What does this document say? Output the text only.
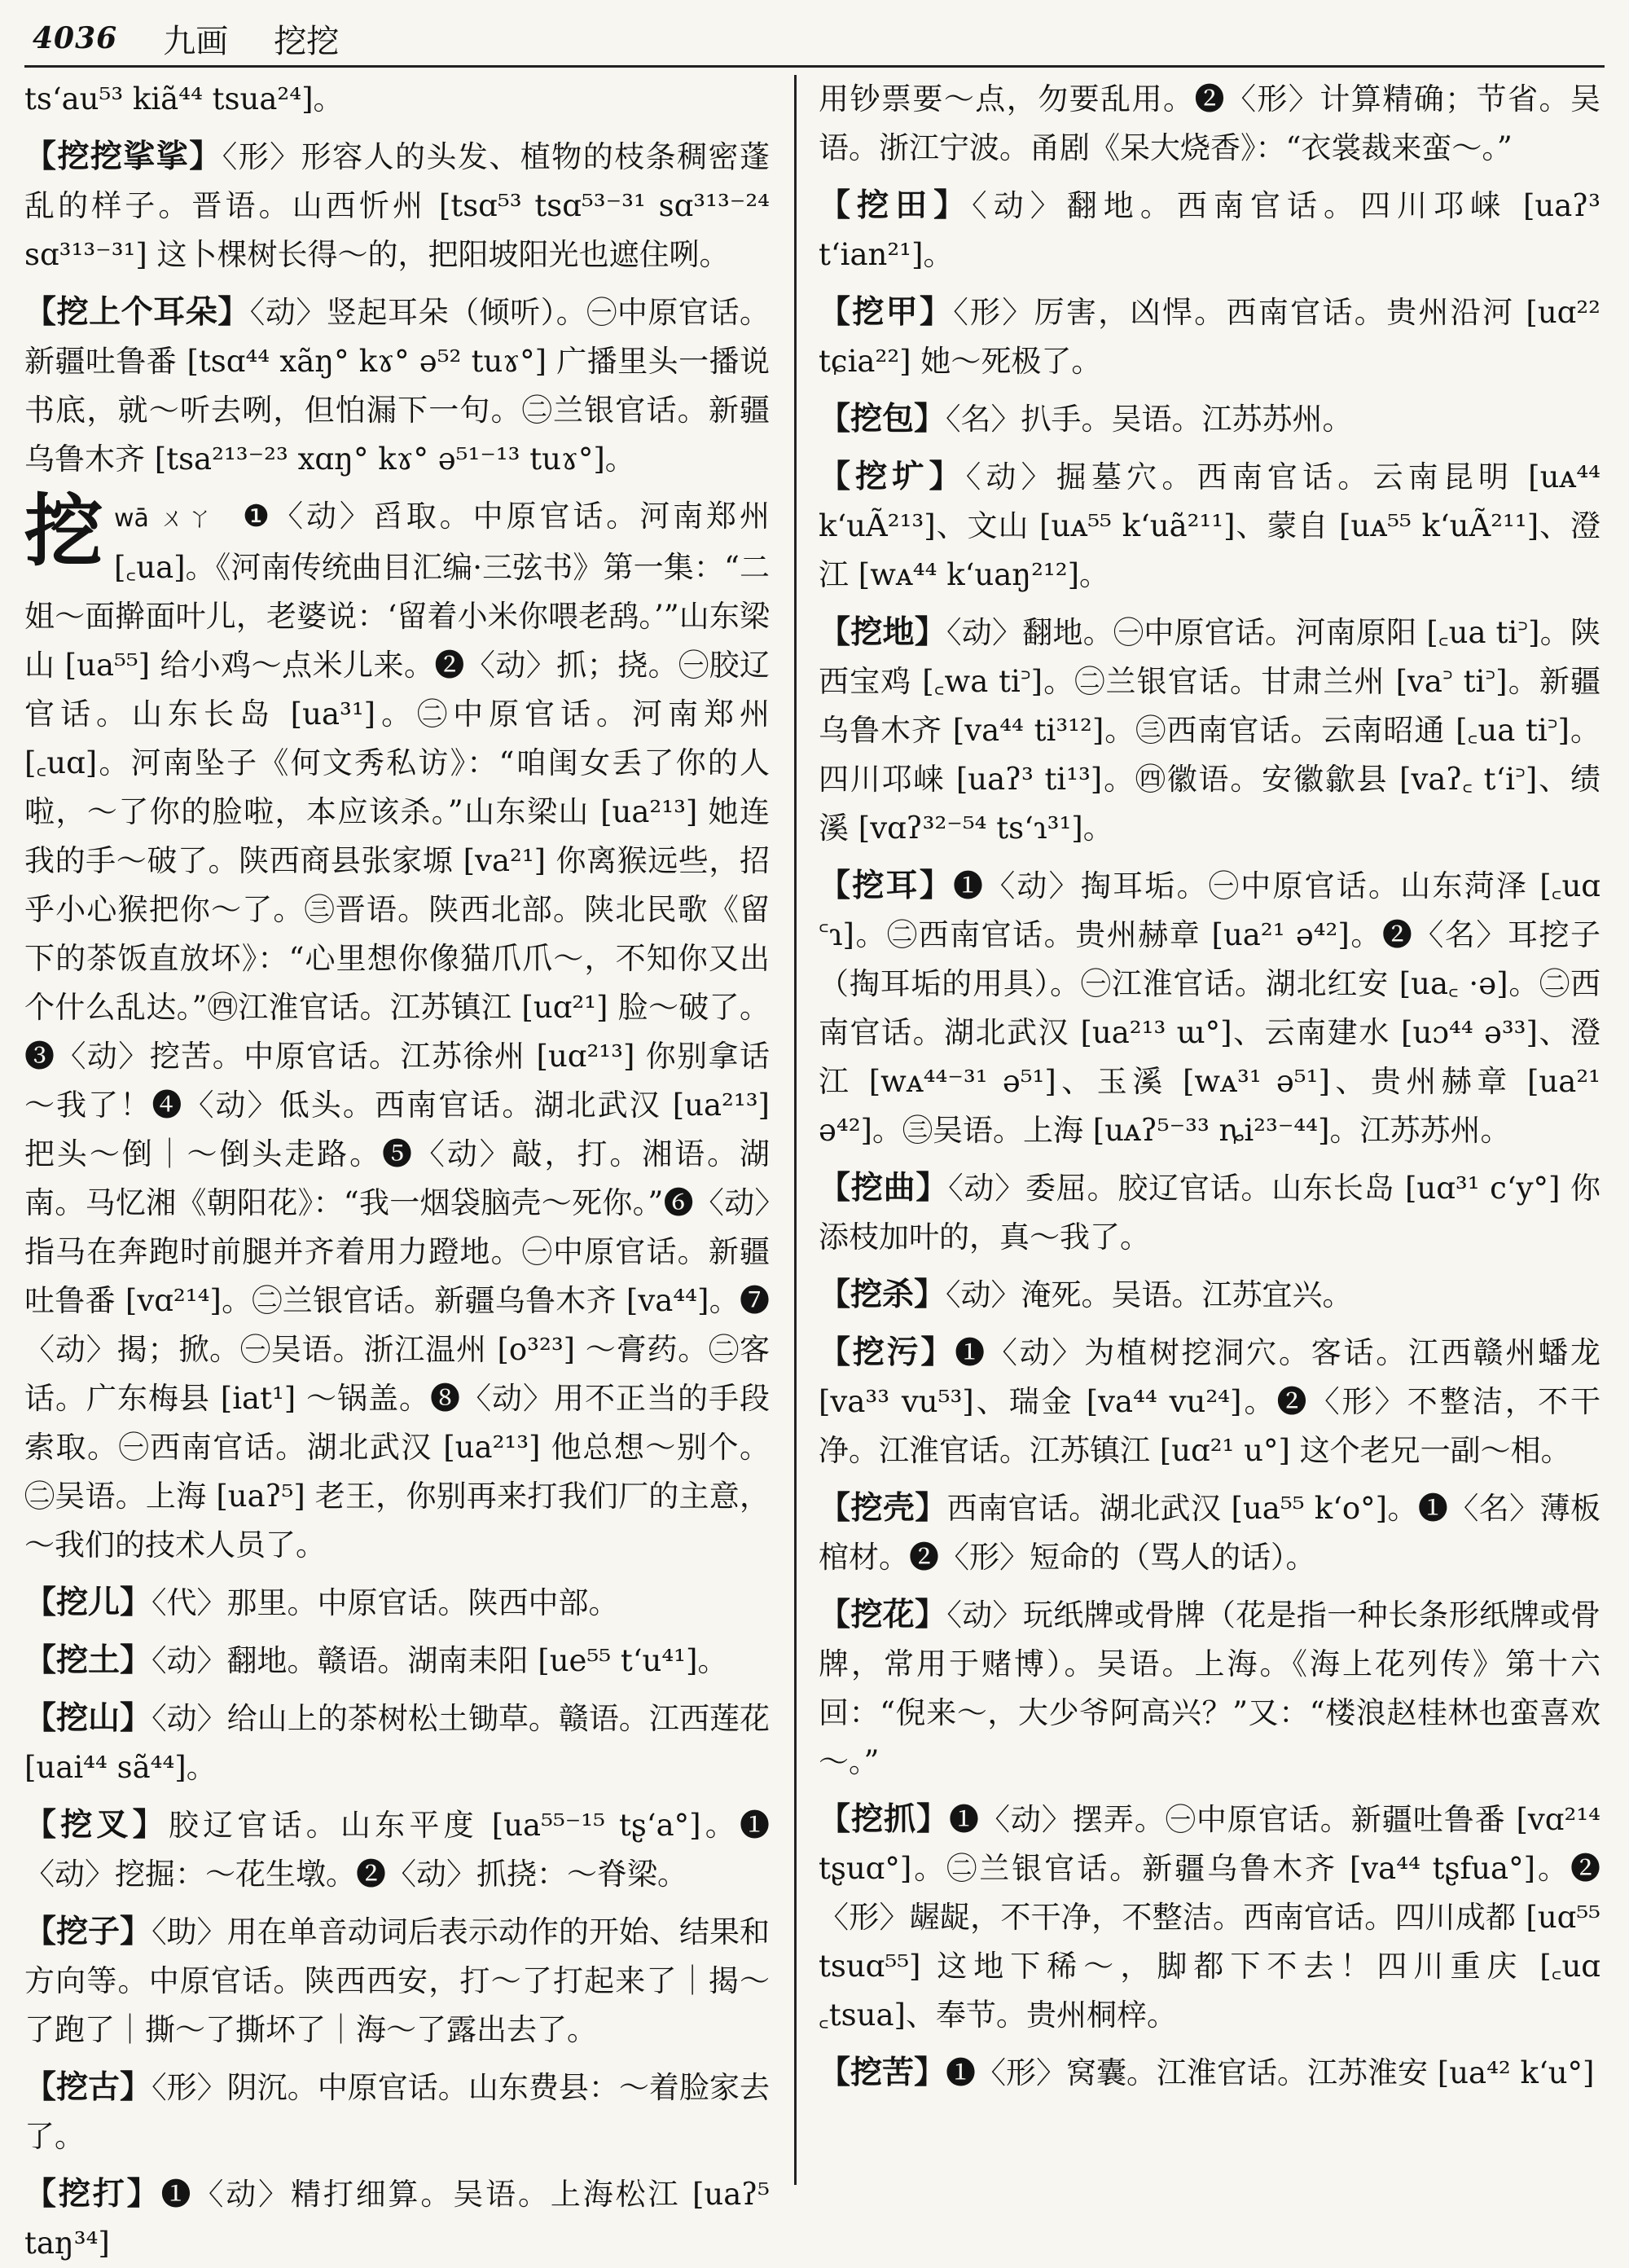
4036 九画 挖挖

ts‘au⁵³ kiã⁴⁴ tsua²⁴]。

【挖挖挲挲】〈形〉形容人的头发、植物的枝条稠密蓬乱的样子。晋语。山西忻州 [tsɑ⁵³ tsɑ⁵³⁻³¹ sɑ³¹³⁻²⁴ sɑ³¹³⁻³¹] 这卜棵树长得～的，把阳坡阳光也遮住咧。

【挖上个耳朵】〈动〉竖起耳朵（倾听）。㊀中原官话。新疆吐鲁番 [tsɑ⁴⁴ xãŋ° kɤ° ə⁵² tuɤ°] 广播里头一播说书底，就～听去咧，但怕漏下一句。㊁兰银官话。新疆乌鲁木齐 [tsa²¹³⁻²³ xɑŋ° kɤ° ə⁵¹⁻¹³ tuɤ°]。

挖 wā ㄨㄚ ❶〈动〉舀取。中原官话。河南郑州 [꜀ua]。《河南传统曲目汇编·三弦书》第一集：“二姐～面擀面叶儿，老婆说：‘留着小米你喂老鸹。’”山东梁山 [ua⁵⁵] 给小鸡～点米儿来。❷〈动〉抓；挠。㊀胶辽官话。山东长岛 [ua³¹]。㊁中原官话。河南郑州 [꜀uɑ]。河南坠子《何文秀私访》：“咱闺女丢了你的人啦，～了你的脸啦，本应该杀。”山东梁山 [ua²¹³] 她连我的手～破了。陕西商县张家塬 [va²¹] 你离猴远些，招乎小心猴把你～了。㊂晋语。陕西北部。陕北民歌《留下的茶饭直放坏》：“心里想你像猫爪爪～，不知你又出个什么乱达。”㊃江淮官话。江苏镇江 [uɑ²¹] 脸～破了。❸〈动〉挖苦。中原官话。江苏徐州 [uɑ²¹³] 你别拿话～我了！❹〈动〉低头。西南官话。湖北武汉 [ua²¹³] 把头～倒｜～倒头走路。❺〈动〉敲，打。湘语。湖南。马忆湘《朝阳花》：“我一烟袋脑壳～死你。”❻〈动〉指马在奔跑时前腿并齐着用力蹬地。㊀中原官话。新疆吐鲁番 [vɑ²¹⁴]。㊁兰银官话。新疆乌鲁木齐 [va⁴⁴]。❼〈动〉揭；掀。㊀吴语。浙江温州 [o³²³] ～膏药。㊁客话。广东梅县 [iat¹] ～锅盖。❽〈动〉用不正当的手段索取。㊀西南官话。湖北武汉 [ua²¹³] 他总想～别个。㊁吴语。上海 [uaʔ⁵] 老王，你别再来打我们厂的主意，～我们的技术人员了。

【挖儿】〈代〉那里。中原官话。陕西中部。

【挖土】〈动〉翻地。赣语。湖南耒阳 [ue⁵⁵ t‘u⁴¹]。

【挖山】〈动〉给山上的茶树松土锄草。赣语。江西莲花 [uai⁴⁴ sã⁴⁴]。

【挖叉】胶辽官话。山东平度 [ua⁵⁵⁻¹⁵ tʂ‘a°]。❶〈动〉挖掘：～花生墩。❷〈动〉抓挠：～脊梁。

【挖子】〈助〉用在单音动词后表示动作的开始、结果和方向等。中原官话。陕西西安，打～了打起来了｜揭～了跑了｜撕～了撕坏了｜海～了露出去了。

【挖古】〈形〉阴沉。中原官话。山东费县：～着脸家去了。

【挖打】❶〈动〉精打细算。吴语。上海松江 [uaʔ⁵ taŋ³⁴]

用钞票要～点，勿要乱用。❷〈形〉计算精确；节省。吴语。浙江宁波。甬剧《呆大烧香》：“衣裳裁来蛮～。”

【挖田】〈动〉翻地。西南官话。四川邛崃 [uaʔ³ t‘ian²¹]。

【挖甲】〈形〉厉害，凶悍。西南官话。贵州沿河 [uɑ²² tɕia²²] 她～死极了。

【挖包】〈名〉扒手。吴语。江苏苏州。

【挖圹】〈动〉掘墓穴。西南官话。云南昆明 [uᴀ⁴⁴ k‘uÃ²¹³]、文山 [uᴀ⁵⁵ k‘uã²¹¹]、蒙自 [uᴀ⁵⁵ k‘uÃ²¹¹]、澄江 [wᴀ⁴⁴ k‘uaŋ²¹²]。

【挖地】〈动〉翻地。㊀中原官话。河南原阳 [꜀ua ti꜄]。陕西宝鸡 [꜀wa ti꜄]。㊁兰银官话。甘肃兰州 [va꜄ ti꜄]。新疆乌鲁木齐 [va⁴⁴ ti³¹²]。㊂西南官话。云南昭通 [꜀ua ti꜄]。四川邛崃 [uaʔ³ ti¹³]。㊃徽语。安徽歙县 [vaʔ꜀ t‘i꜄]、绩溪 [vɑʔ³²⁻⁵⁴ ts‘ɿ³¹]。

【挖耳】❶〈动〉掏耳垢。㊀中原官话。山东菏泽 [꜀uɑ ꜂ɿ]。㊁西南官话。贵州赫章 [ua²¹ ə⁴²]。❷〈名〉耳挖子（掏耳垢的用具）。㊀江淮官话。湖北红安 [ua꜀ ·ə]。㊁西南官话。湖北武汉 [ua²¹³ ɯ°]、云南建水 [uɔ⁴⁴ ə³³]、澄江 [wᴀ⁴⁴⁻³¹ ə⁵¹]、玉溪 [wᴀ³¹ ə⁵¹]、贵州赫章 [ua²¹ ə⁴²]。㊂吴语。上海 [uᴀʔ⁵⁻³³ ȵi²³⁻⁴⁴]。江苏苏州。

【挖曲】〈动〉委屈。胶辽官话。山东长岛 [uɑ³¹ c‘y°] 你添枝加叶的，真～我了。

【挖杀】〈动〉淹死。吴语。江苏宜兴。

【挖污】❶〈动〉为植树挖洞穴。客话。江西赣州蟠龙 [va³³ vu⁵³]、瑞金 [va⁴⁴ vu²⁴]。❷〈形〉不整洁，不干净。江淮官话。江苏镇江 [uɑ²¹ u°] 这个老兄一副～相。

【挖壳】西南官话。湖北武汉 [ua⁵⁵ k‘o°]。❶〈名〉薄板棺材。❷〈形〉短命的（骂人的话）。

【挖花】〈动〉玩纸牌或骨牌（花是指一种长条形纸牌或骨牌，常用于赌博）。吴语。上海。《海上花列传》第十六回：“倪来～，大少爷阿高兴？”又：“楼浪赵桂林也蛮喜欢～。”

【挖抓】❶〈动〉摆弄。㊀中原官话。新疆吐鲁番 [vɑ²¹⁴ tʂuɑ°]。㊁兰银官话。新疆乌鲁木齐 [va⁴⁴ tʂfua°]。❷〈形〉龌龊，不干净，不整洁。西南官话。四川成都 [uɑ⁵⁵ tsuɑ⁵⁵] 这地下稀～，脚都下不去！四川重庆 [꜀uɑ ꜀tsua]、奉节。贵州桐梓。

【挖苦】❶〈形〉窝囊。江淮官话。江苏淮安 [ua⁴² k‘u°]
